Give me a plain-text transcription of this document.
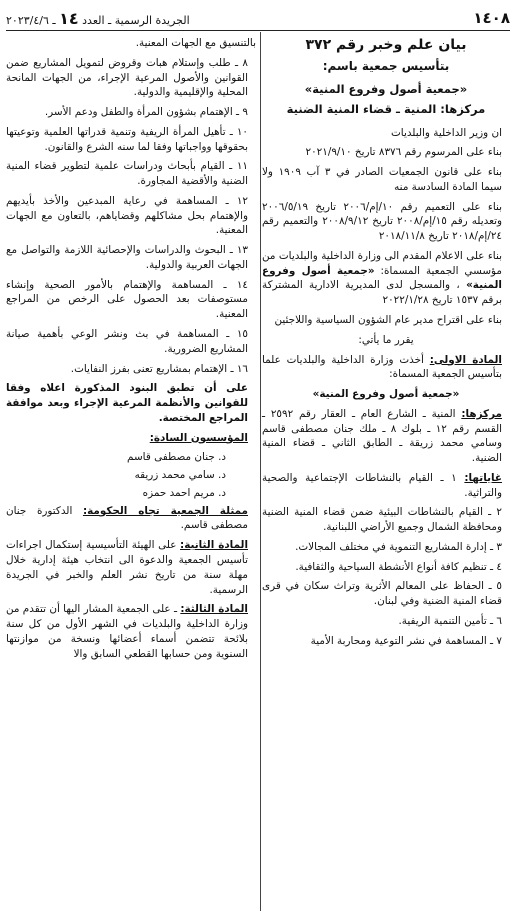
١٤٠٨
الجريدة الرسمية ـ العدد ١٤ ـ ٢٠٢٣/٤/٦
بيان علم وخبر رقم ٣٧٢
بتأسيس جمعية باسم:
«جمعية أصول وفروع المنية»
مركزها: المنية ـ قضاء المنية الضنية

ان وزير الداخلية والبلديات

بناء على المرسوم رقم ٨٣٧٦ تاريخ ٢٠٢١/٩/١٠

بناء على قانون الجمعيات الصادر في ٣ آب ١٩٠٩ ولا سيما المادة السادسة منه

بناء على التعميم رقم ١٠/إم/٢٠٠٦ تاريخ ٢٠٠٦/٥/١٩ وتعديله رقم ١٥/إم/٢٠٠٨ تاريخ ٢٠٠٨/٩/١٢ والتعميم رقم ٢٤/إم/٢٠١٨ تاريخ ٢٠١٨/١١/٨

بناء على الاعلام المقدم الى وزارة الداخلية والبلديات من مؤسسي الجمعية المسماة: «جمعية أصول وفروع المنية» ، والمسجل لدى المديرية الادارية المشتركة برقم ١٥٣٧ تاريخ ٢٠٢٢/١/٢٨

بناء على اقتراح مدير عام الشؤون السياسية واللاجئين

يقرر ما يأتي:

المادة الاولى: أخذت وزارة الداخلية والبلديات علما بتأسيس الجمعية المسماة:

«جمعية أصول وفروع المنية»

مركزها: المنية ـ الشارع العام ـ العقار رقم ٢٥٩٢ ـ القسم رقم ١٢ ـ بلوك ٨ ـ ملك جنان مصطفى قاسم وسامي محمد زريقة ـ الطابق الثاني ـ قضاء المنية الضنية.

غاياتها: ١ ـ القيام بالنشاطات الإجتماعية والصحية والتراثية.

٢ ـ القيام بالنشاطات البيئية ضمن قضاء المنية الضنية ومحافظة الشمال وجميع الأراضي اللبنانية.

٣ ـ إدارة المشاريع التنموية في مختلف المجالات.

٤ ـ تنظيم كافة أنواع الأنشطة السياحية والثقافية.

٥ ـ الحفاظ على المعالم الأثرية وتراث سكان في قرى قضاء المنية الضنية وفي لبنان.

٦ ـ تأمين التنمية الريفية.

٧ ـ المساهمة في نشر التوعية ومحاربة الأمية

بالتنسيق مع الجهات المعنية.

٨ ـ طلب وإستلام هبات وقروض لتمويل المشاريع ضمن القوانين والأصول المرعية الإجراء، من الجهات المانحة المحلية والإقليمية والدولية.

٩ ـ الإهتمام بشؤون المرأة والطفل ودعم الأسر.

١٠ ـ تأهيل المرأة الريفية وتنمية قدراتها العلمية وتوعيتها بحقوقها وواجباتها وفقا لما سنه الشرع والقانون.

١١ ـ القيام بأبحاث ودراسات علمية لتطوير قضاء المنية الضنية والأقضية المجاورة.

١٢ ـ المساهمة في رعاية المبدعين والأخذ بأيديهم والإهتمام بحل مشاكلهم وقضاياهم، بالتعاون مع الجهات المعنية.

١٣ ـ البحوث والدراسات والإحصائية اللازمة والتواصل مع الجهات العربية والدولية.

١٤ ـ المساهمة والإهتمام بالأمور الصحية وإنشاء مستوصفات بعد الحصول على الرخص من المراجع المعنية.

١٥ ـ المساهمة في بث ونشر الوعي بأهمية صيانة المشاريع الضرورية.

١٦ ـ الإهتمام بمشاريع تعنى بفرز النفايات.

على أن تطبق البنود المذكورة اعلاه وفقا للقوانين والأنظمة المرعية الإجراء وبعد موافقة المراجع المختصة.

المؤسسون السادة:

د. جنان مصطفى قاسم

د. سامي محمد زريقه

د. مريم احمد حمزه

ممثلة الجمعية تجاه الحكومة: الدكتورة جنان مصطفى قاسم.

المادة الثانية: على الهيئة التأسيسية إستكمال اجراءات تأسيس الجمعية والدعوة الى انتخاب هيئة إدارية خلال مهلة سنة من تاريخ نشر العلم والخبر في الجريدة الرسمية.

المادة الثالثة: ـ على الجمعية المشار اليها أن تتقدم من وزارة الداخلية والبلديات في الشهر الأول من كل سنة بلائحة تتضمن أسماء أعضائها ونسخة من موازنتها السنوية ومن حسابها القطعي السابق والا
